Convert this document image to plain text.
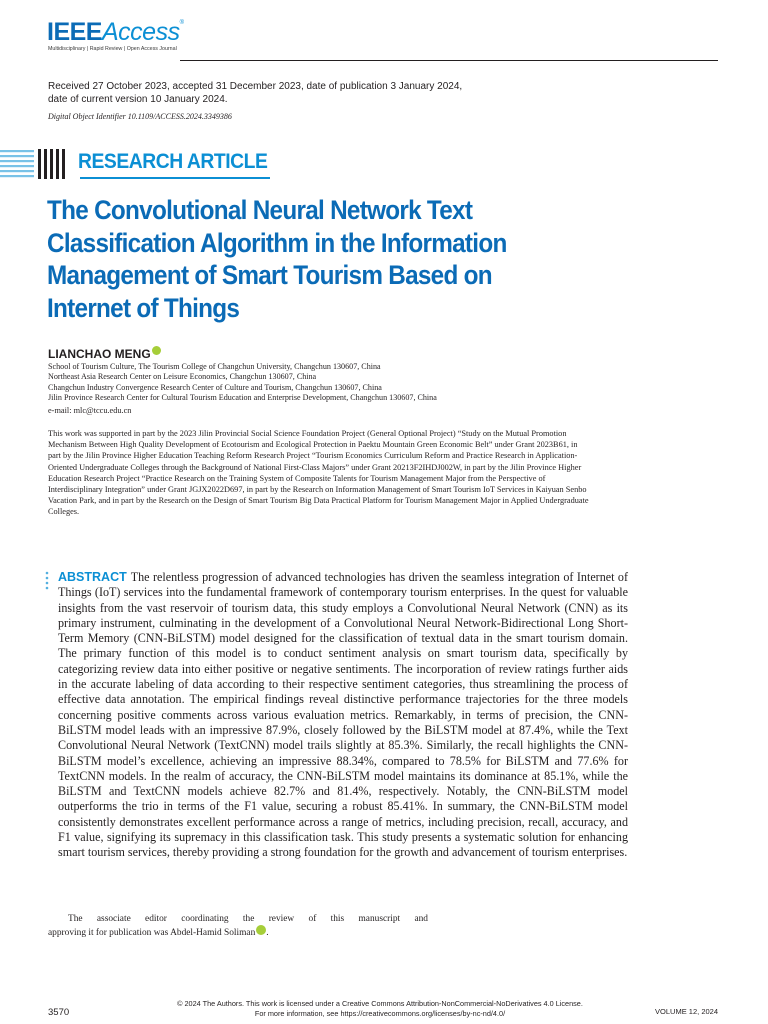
IEEEAccess®
Multidisciplinary | Rapid Review | Open Access Journal
Received 27 October 2023, accepted 31 December 2023, date of publication 3 January 2024,
date of current version 10 January 2024.
Digital Object Identifier 10.1109/ACCESS.2024.3349386
RESEARCH ARTICLE
The Convolutional Neural Network Text Classification Algorithm in the Information Management of Smart Tourism Based on Internet of Things
LIANCHAO MENG
School of Tourism Culture, The Tourism College of Changchun University, Changchun 130607, China
Northeast Asia Research Center on Leisure Economics, Changchun 130607, China
Changchun Industry Convergence Research Center of Culture and Tourism, Changchun 130607, China
Jilin Province Research Center for Cultural Tourism Education and Enterprise Development, Changchun 130607, China
e-mail: mlc@tccu.edu.cn
This work was supported in part by the 2023 Jilin Provincial Social Science Foundation Project (General Optional Project) “Study on the Mutual Promotion Mechanism Between High Quality Development of Ecotourism and Ecological Protection in Paektu Mountain Green Economic Belt” under Grant 2023B61, in part by the Jilin Province Higher Education Teaching Reform Research Project “Tourism Economics Curriculum Reform and Practice Research in Application-Oriented Undergraduate Colleges through the Background of National First-Class Majors” under Grant 20213F2IHDJ002W, in part by the Jilin Province Higher Education Research Project “Practice Research on the Training System of Composite Talents for Tourism Management Major from the Perspective of Interdisciplinary Integration” under Grant JGJX2022D697, in part by the Research on Information Management of Smart Tourism IoT Services in Kaiyuan Senbo Vacation Park, and in part by the Research on the Design of Smart Tourism Big Data Practical Platform for Tourism Management Major in Applied Undergraduate Colleges.
ABSTRACT The relentless progression of advanced technologies has driven the seamless integration of Internet of Things (IoT) services into the fundamental framework of contemporary tourism enterprises. In the quest for valuable insights from the vast reservoir of tourism data, this study employs a Convolutional Neural Network (CNN) as its primary instrument, culminating in the development of a Convolutional Neural Network-Bidirectional Long Short-Term Memory (CNN-BiLSTM) model designed for the classification of textual data in the smart tourism domain. The primary function of this model is to conduct sentiment analysis on smart tourism data, specifically by categorizing review data into either positive or negative sentiments. The incorporation of review ratings further aids in the accurate labeling of data according to their respective sentiment categories, thus streamlining the process of effective data annotation. The empirical findings reveal distinctive performance trajectories for the three models concerning positive comments across various evaluation metrics. Remarkably, in terms of precision, the CNN-BiLSTM model leads with an impressive 87.9%, closely followed by the BiLSTM model at 87.4%, while the Text Convolutional Neural Network (TextCNN) model trails slightly at 85.3%. Similarly, the recall highlights the CNN-BiLSTM model’s excellence, achieving an impressive 88.34%, compared to 78.5% for BiLSTM and 77.6% for TextCNN models. In the realm of accuracy, the CNN-BiLSTM model maintains its dominance at 85.1%, while the BiLSTM and TextCNN models achieve 82.7% and 81.4%, respectively. Notably, the CNN-BiLSTM model outperforms the trio in terms of the F1 value, securing a robust 85.41%. In summary, the CNN-BiLSTM model consistently demonstrates excellent performance across a range of metrics, including precision, recall, accuracy, and F1 value, signifying its supremacy in this classification task. This study presents a systematic solution for enhancing smart tourism services, thereby providing a strong foundation for the growth and advancement of tourism enterprises.
The associate editor coordinating the review of this manuscript and
approving it for publication was Abdel-Hamid Soliman .
3570
© 2024 The Authors. This work is licensed under a Creative Commons Attribution-NonCommercial-NoDerivatives 4.0 License.
For more information, see https://creativecommons.org/licenses/by-nc-nd/4.0/	VOLUME 12, 2024
